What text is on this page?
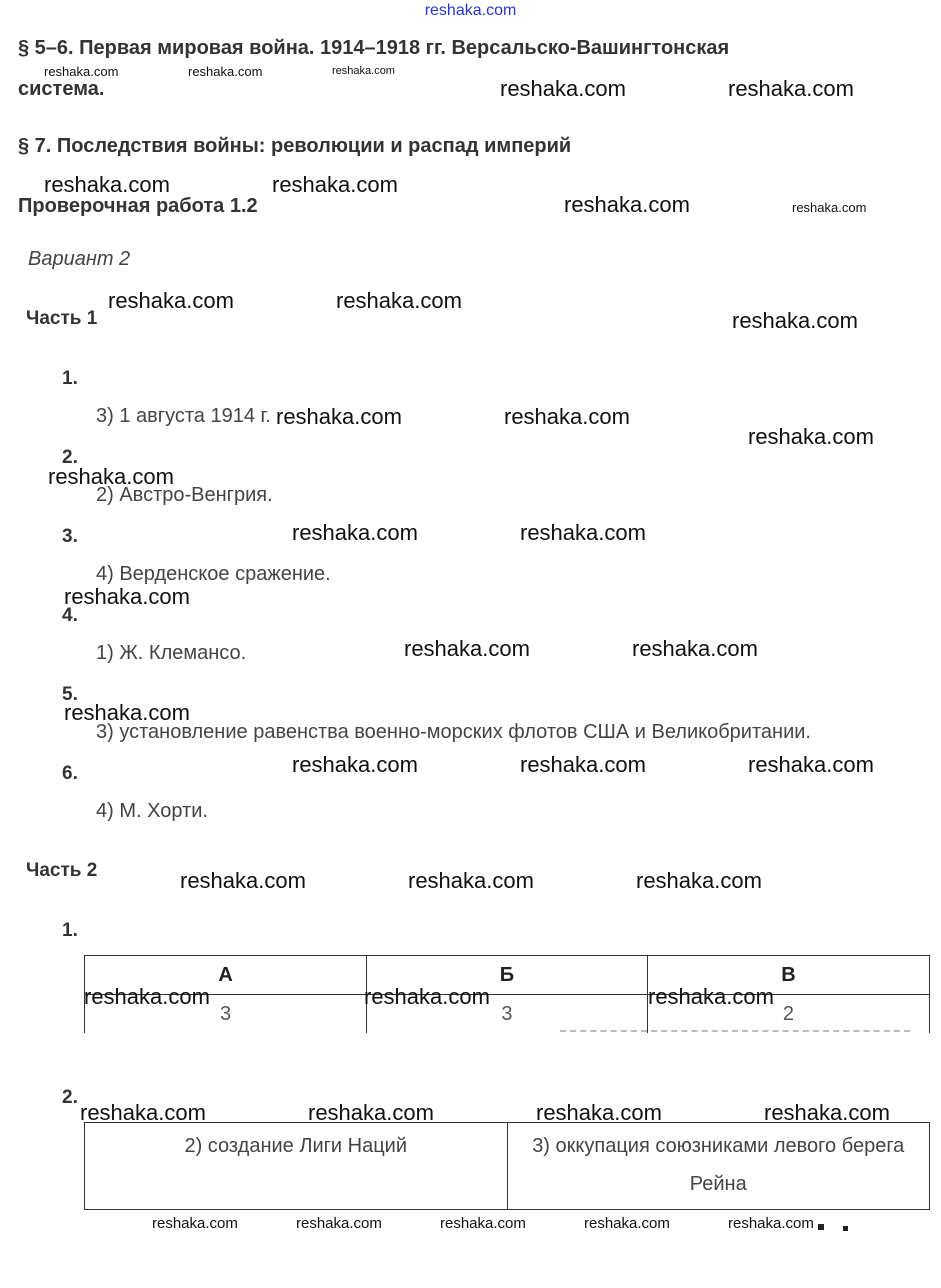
reshaka.com
§ 5–6. Первая мировая война. 1914–1918 гг. Версальско-Вашингтонская
система.
§ 7. Последствия войны: революции и распад империй
Проверочная работа 1.2
Вариант 2
Часть 1
1.
3) 1 августа 1914 г.
2.
2) Австро-Венгрия.
3.
4) Верденское сражение.
4.
1) Ж. Клемансо.
5.
3) установление равенства военно-морских флотов США и Великобритании.
6.
4) М. Хорти.
Часть 2
1.
А	Б	В
3	3	2
2.
2) создание Лиги Наций	3) оккупация союзниками левого берега Рейна
reshaka.com	reshaka.com	reshaka.com
reshaka.com	reshaka.com
reshaka.com	reshaka.com
reshaka.com	reshaka.com
reshaka.com	reshaka.com
reshaka.com
reshaka.com	reshaka.com
reshaka.com
reshaka.com
reshaka.com	reshaka.com
reshaka.com
reshaka.com	reshaka.com
reshaka.com
reshaka.com	reshaka.com	reshaka.com
reshaka.com	reshaka.com	reshaka.com
reshaka.com	reshaka.com	reshaka.com
reshaka.com	reshaka.com	reshaka.com	reshaka.com
reshaka.com	reshaka.com	reshaka.com	reshaka.com	reshaka.com
